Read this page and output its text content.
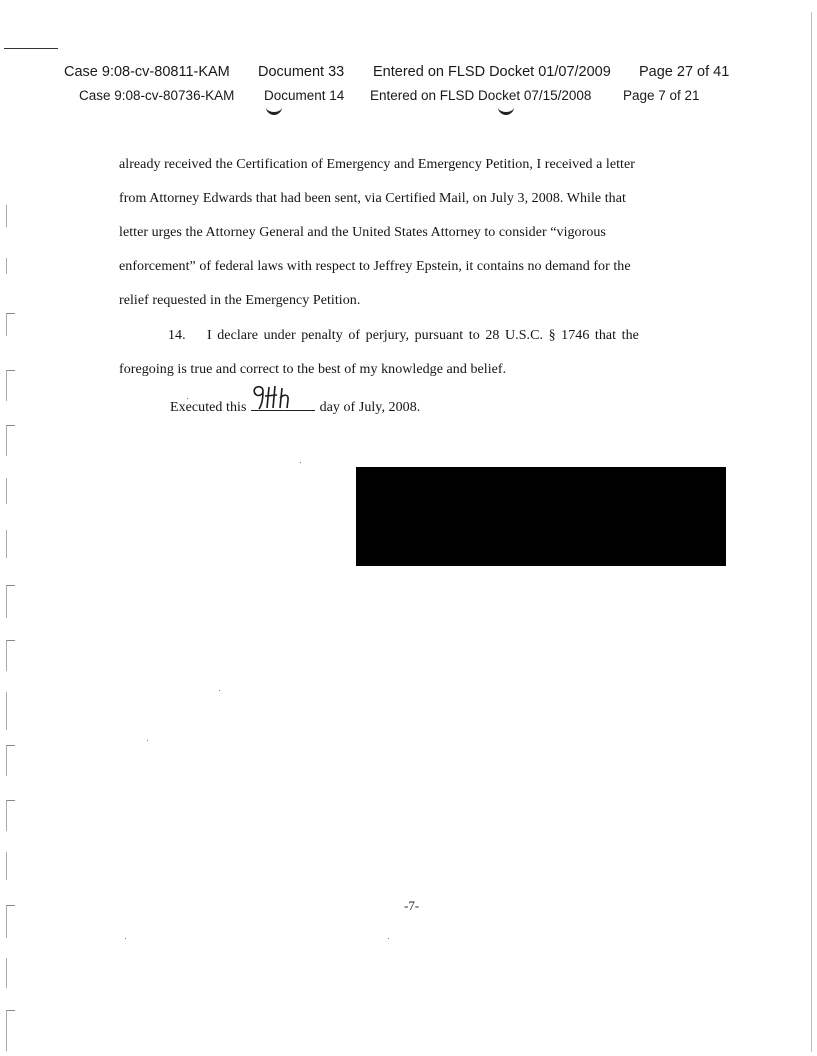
Case 9:08-cv-80811-KAM Document 33 Entered on FLSD Docket 01/07/2009 Page 27 of 41
Case 9:08-cv-80736-KAM Document 14 Entered on FLSD Docket 07/15/2008 Page 7 of 21
already received the Certification of Emergency and Emergency Petition, I received a letter
from Attorney Edwards that had been sent, via Certified Mail, on July 3, 2008. While that
letter urges the Attorney General and the United States Attorney to consider “vigorous
enforcement” of federal laws with respect to Jeffrey Epstein, it contains no demand for the
relief requested in the Emergency Petition.
14. I declare under penalty of perjury, pursuant to 28 U.S.C. § 1746 that the
foregoing is true and correct to the best of my knowledge and belief.
Executed this	day of July, 2008.
-7-
